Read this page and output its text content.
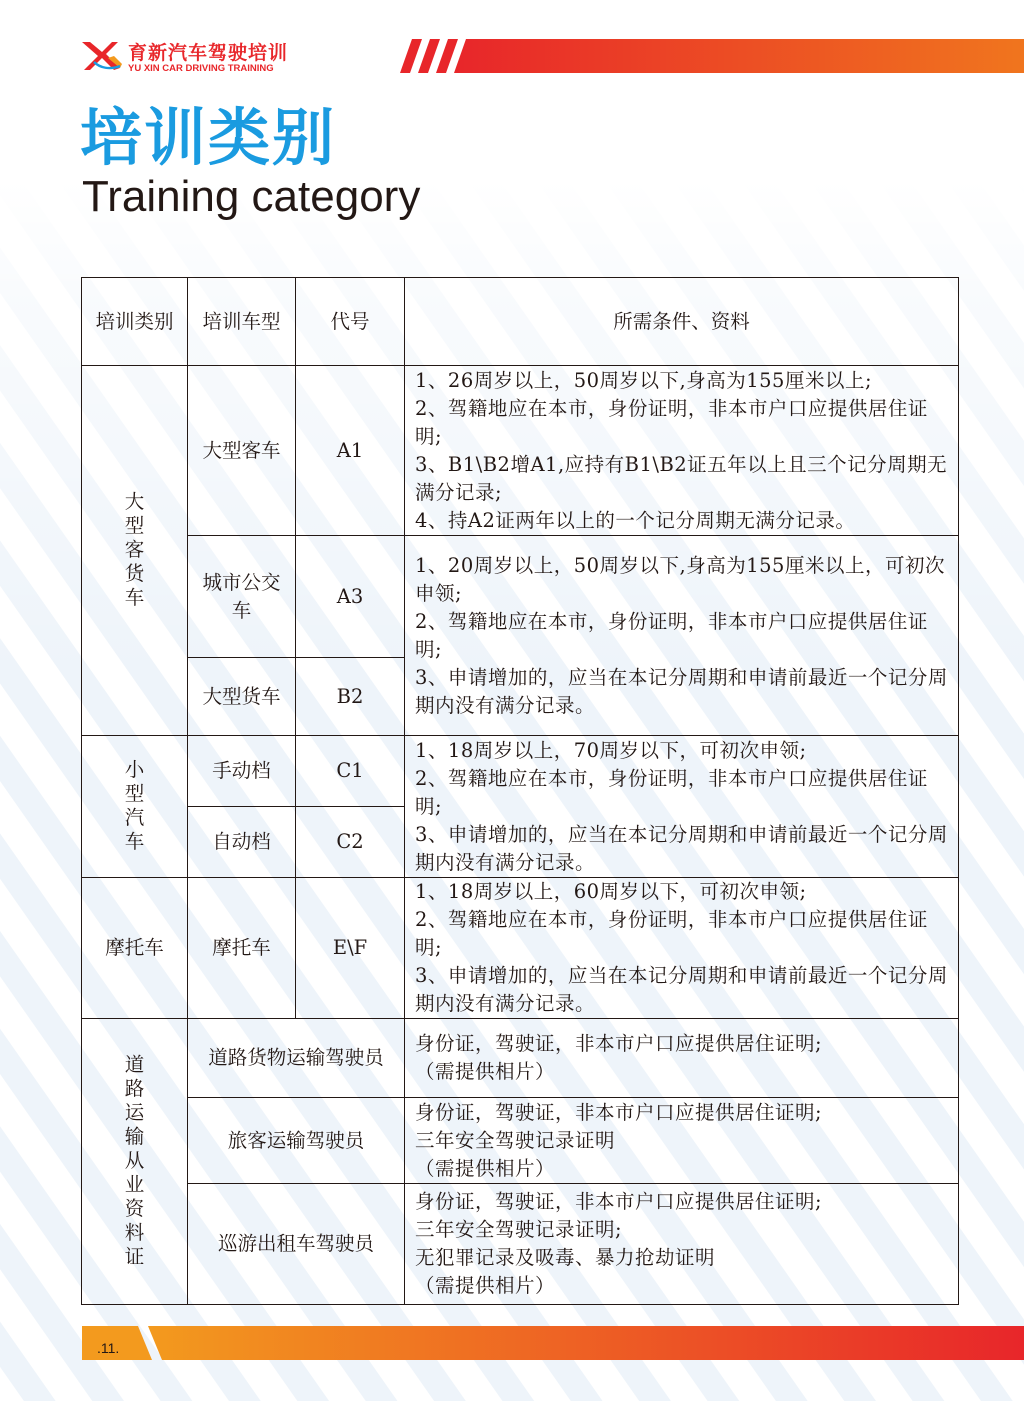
育新汽车驾驶培训
YU XIN CAR DRIVING TRAINING
培训类别
Training category
培训类别	培训车型	代号	所需条件、资料
大型客货车	大型客车	A1	1、26周岁以上，50周岁以下,身高为155厘米以上;
2、驾籍地应在本市，身份证明，非本市户口应提供居住证明;
3、B1\B2增A1,应持有B1\B2证五年以上且三个记分周期无满分记录;
4、持A2证两年以上的一个记分周期无满分记录。

	城市公交车	A3	1、20周岁以上，50周岁以下,身高为155厘米以上，可初次申领;
2、驾籍地应在本市，身份证明，非本市户口应提供居住证明;
3、申请增加的，应当在本记分周期和申请前最近一个记分周期内没有满分记录。

	大型货车	B2	
小型汽车	手动档	C1	1、18周岁以上，70周岁以下，可初次申领;
2、驾籍地应在本市，身份证明，非本市户口应提供居住证明;
3、申请增加的，应当在本记分周期和申请前最近一个记分周期内没有满分记录。

	自动档	C2	
摩托车	摩托车	E\F	1、18周岁以上，60周岁以下，可初次申领;
2、驾籍地应在本市，身份证明，非本市户口应提供居住证明;
3、申请增加的，应当在本记分周期和申请前最近一个记分周期内没有满分记录。

道路运输从业资料证	道路货物运输驾驶员		身份证，驾驶证，非本市户口应提供居住证明;
（需提供相片）

	旅客运输驾驶员		身份证，驾驶证，非本市户口应提供居住证明;
三年安全驾驶记录证明
（需提供相片）

	巡游出租车驾驶员		身份证，驾驶证，非本市户口应提供居住证明;
三年安全驾驶记录证明;
无犯罪记录及吸毒、暴力抢劫证明
（需提供相片）
.11.
